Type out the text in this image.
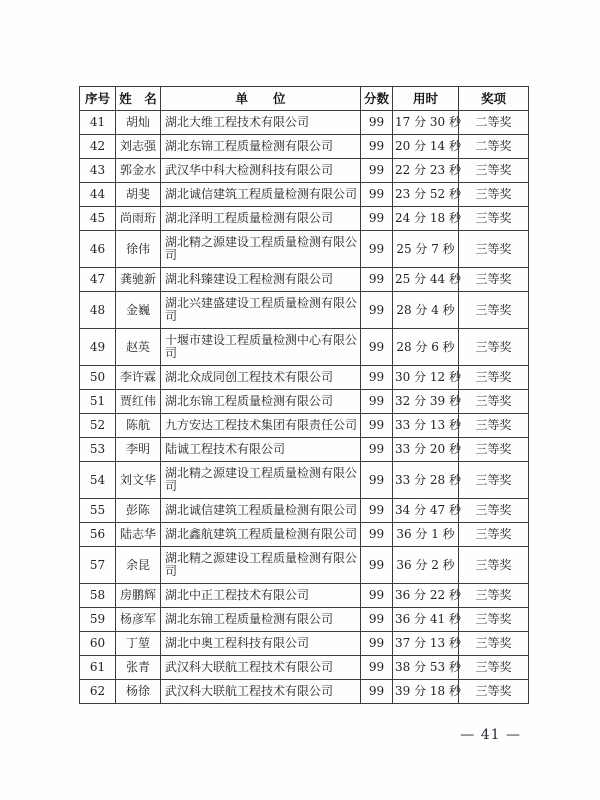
序号	姓　名	单　　位	分数	用时	奖项
41	胡灿	湖北大维工程技术有限公司	99	17 分 30 秒	二等奖
42	刘志强	湖北东锦工程质量检测有限公司	99	20 分 14 秒	二等奖
43	郭金水	武汉华中科大检测科技有限公司	99	22 分 23 秒	三等奖
44	胡斐	湖北诚信建筑工程质量检测有限公司	99	23 分 52 秒	三等奖
45	尚雨珩	湖北泽明工程质量检测有限公司	99	24 分 18 秒	三等奖
46	徐伟	湖北精之源建设工程质量检测有限公司	99	25 分 7 秒	三等奖
47	龚驰新	湖北科臻建设工程检测有限公司	99	25 分 44 秒	三等奖
48	金巍	湖北兴建盛建设工程质量检测有限公司	99	28 分 4 秒	三等奖
49	赵英	十堰市建设工程质量检测中心有限公司	99	28 分 6 秒	三等奖
50	李许霖	湖北众成同创工程技术有限公司	99	30 分 12 秒	三等奖
51	贾红伟	湖北东锦工程质量检测有限公司	99	32 分 39 秒	三等奖
52	陈航	九方安达工程技术集团有限责任公司	99	33 分 13 秒	三等奖
53	李明	陆诚工程技术有限公司	99	33 分 20 秒	三等奖
54	刘文华	湖北精之源建设工程质量检测有限公司	99	33 分 28 秒	三等奖
55	彭陈	湖北诚信建筑工程质量检测有限公司	99	34 分 47 秒	三等奖
56	陆志华	湖北鑫航建筑工程质量检测有限公司	99	36 分 1 秒	三等奖
57	余昆	湖北精之源建设工程质量检测有限公司	99	36 分 2 秒	三等奖
58	房鹏辉	湖北中正工程技术有限公司	99	36 分 22 秒	三等奖
59	杨彦军	湖北东锦工程质量检测有限公司	99	36 分 41 秒	三等奖
60	丁堃	湖北中奥工程科技有限公司	99	37 分 13 秒	三等奖
61	张青	武汉科大联航工程技术有限公司	99	38 分 53 秒	三等奖
62	杨徐	武汉科大联航工程技术有限公司	99	39 分 18 秒	三等奖
— 41 —
